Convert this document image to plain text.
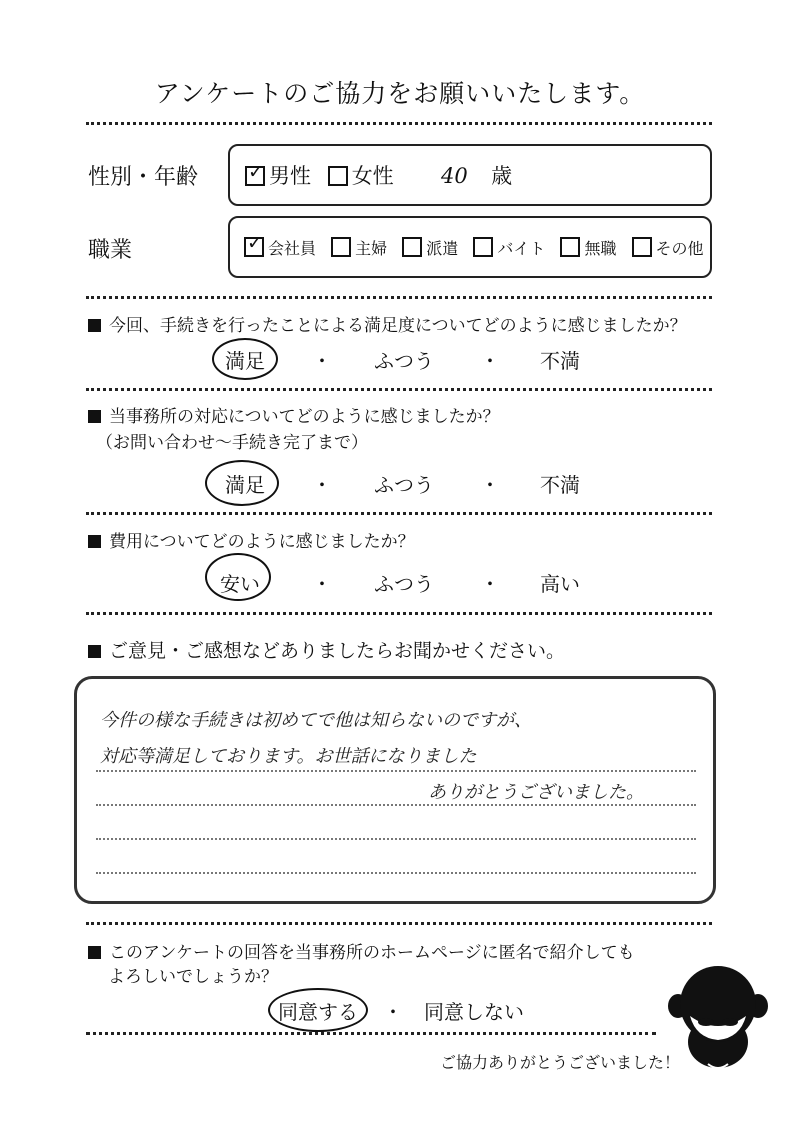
アンケートのご協力をお願いいたします。
性別・年齢 ✓	男性 女性 40 歳
職業 ✓	会社員 主婦 派遣 バイト 無職 その他
今回、手続きを行ったことによる満足度についてどのように感じましたか？
満足 ・ ふつう ・ 不満
当事務所の対応についてどのように感じましたか？
（お問い合わせ～手続き完了まで）
満足 ・ ふつう ・ 不満
費用についてどのように感じましたか？
安い	・ ふつう ・ 高い
ご意見・ご感想などありましたらお聞かせください。
今件の様な手続きは初めてで他は知らないのですが、
対応等満足しております。お世話になりました
ありがとうございました。
このアンケートの回答を当事務所のホームページに匿名で紹介しても
よろしいでしょうか？
同意する ・ 同意しない
ご協力ありがとうございました！
